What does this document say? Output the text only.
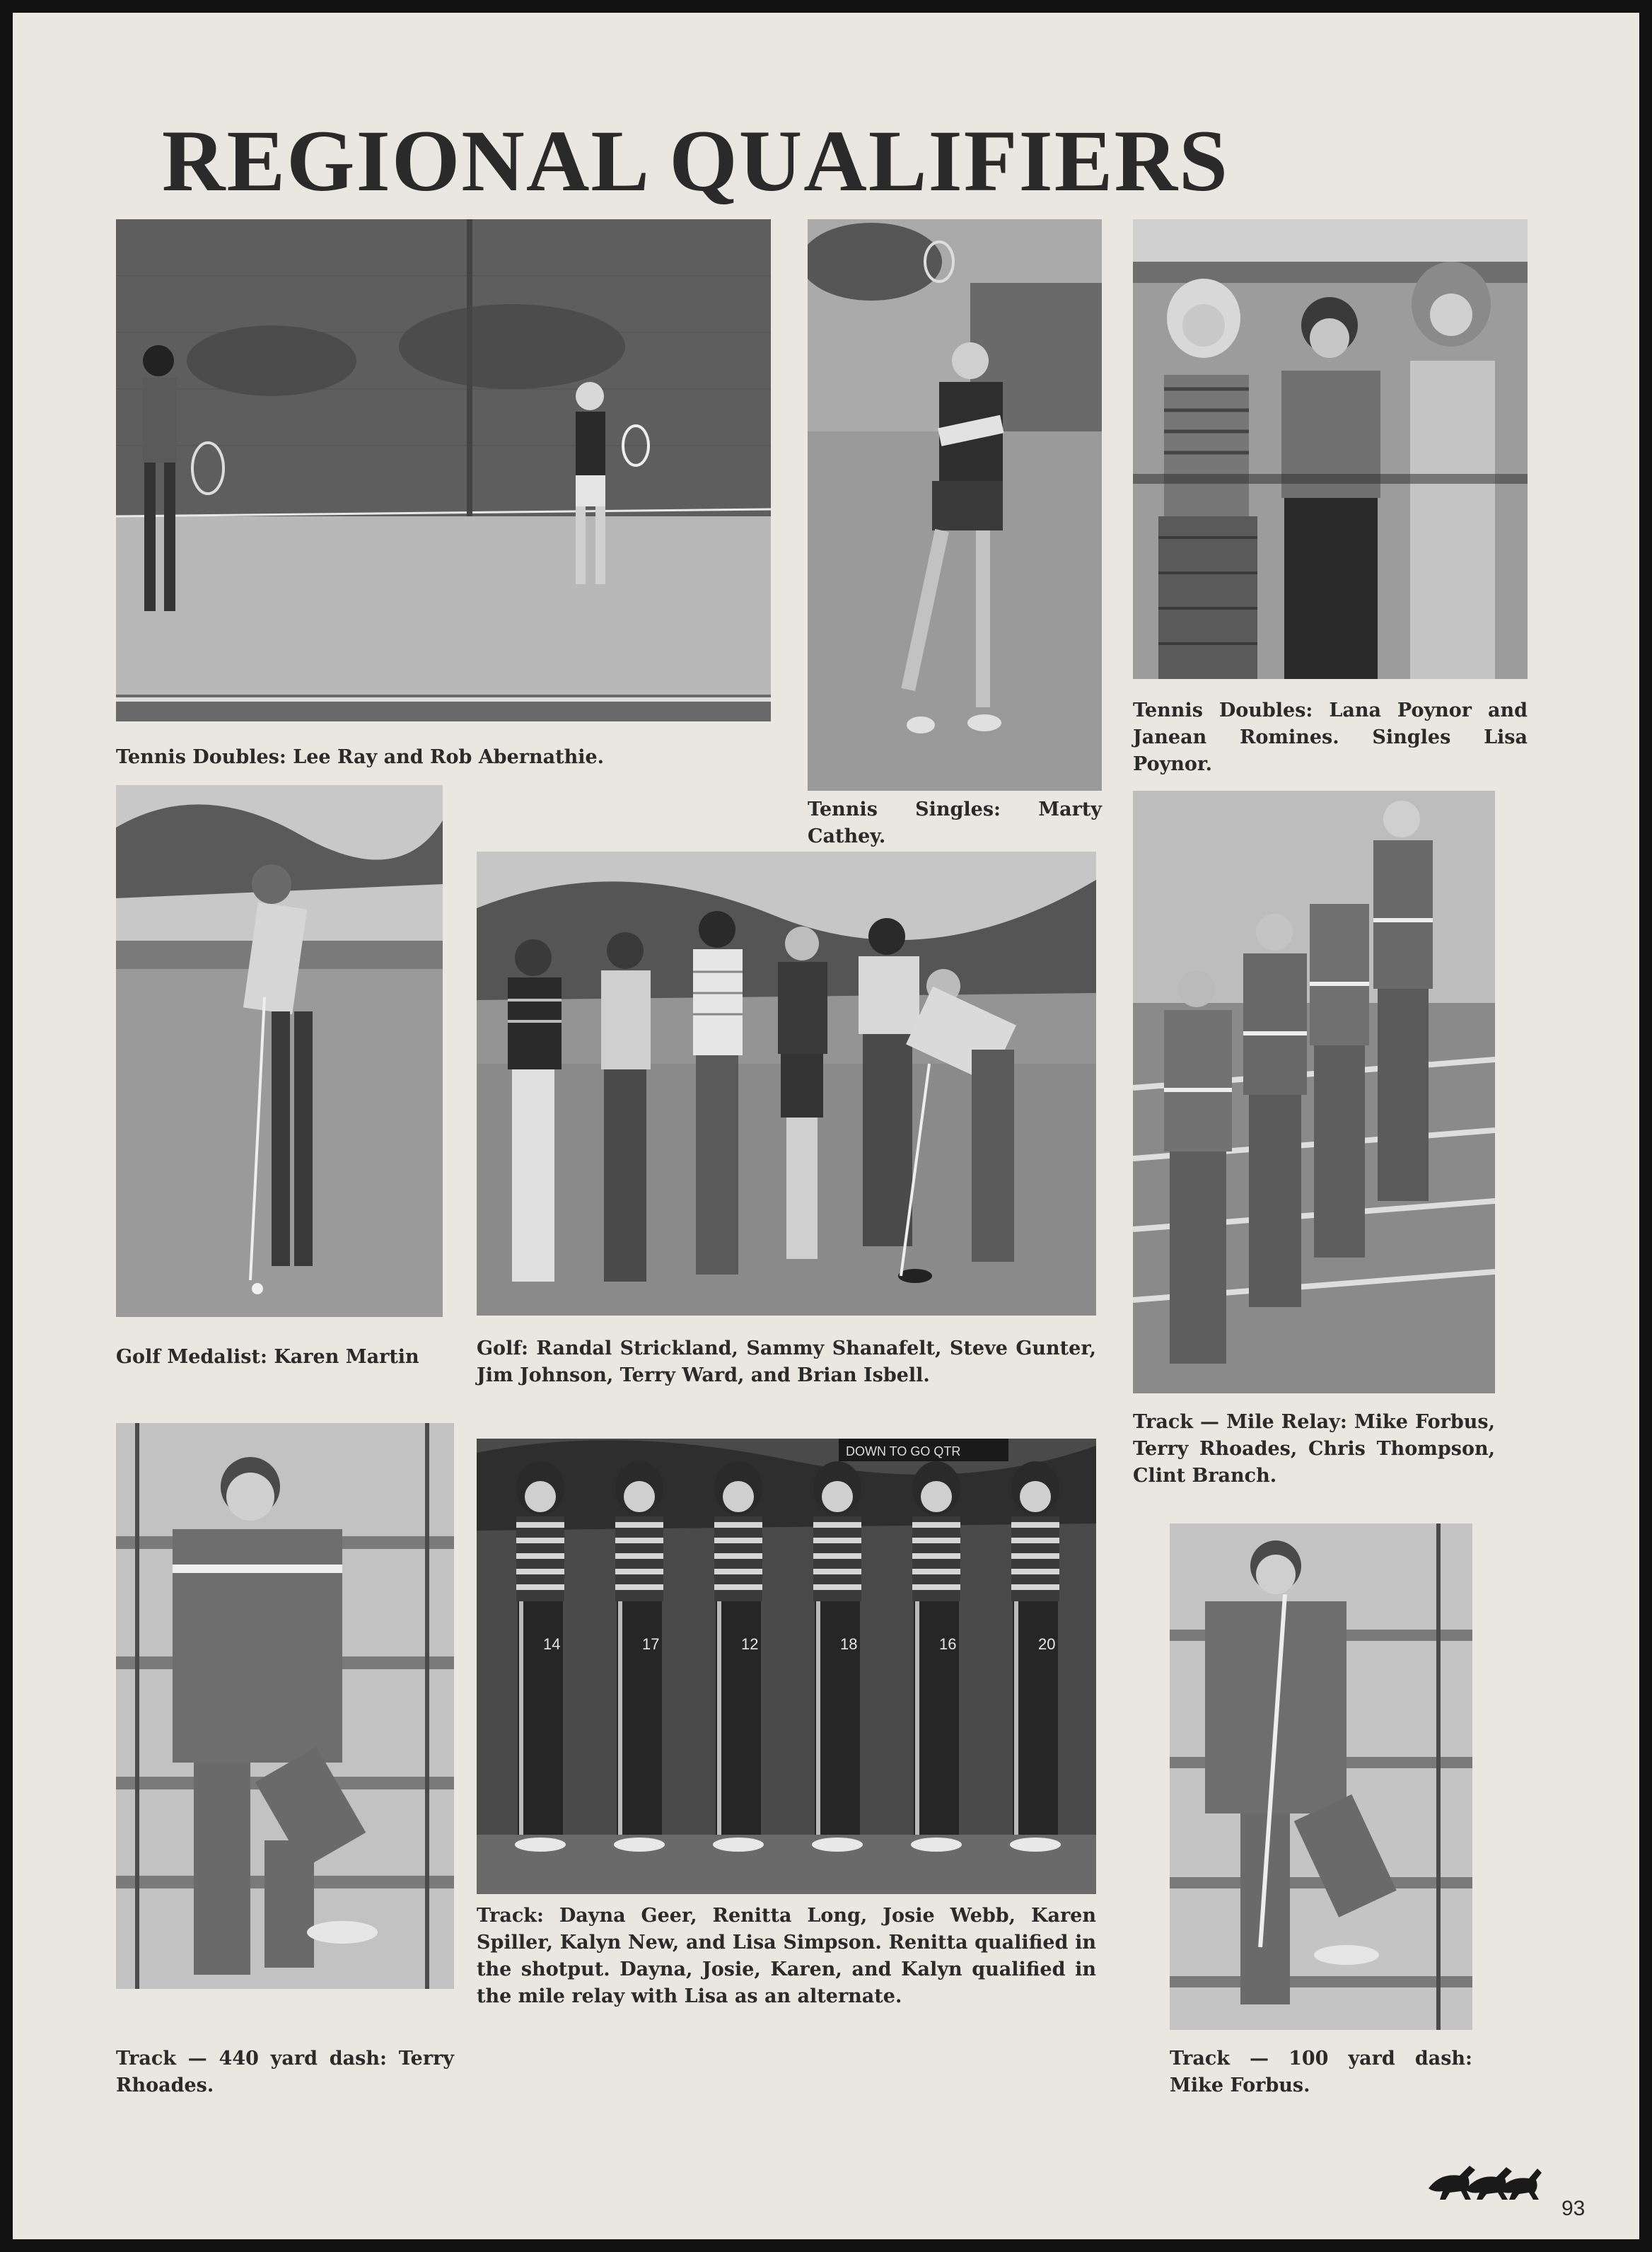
REGIONAL QUALIFIERS
Tennis Doubles: Lee Ray and Rob Abernathie.
Tennis Singles: Marty Cathey.
Tennis Doubles: Lana Poynor and Janean Romines. Singles Lisa Poynor.
Golf Medalist: Karen Martin	Golf: Randal Strickland, Sammy Shanafelt, Steve Gunter, Jim Johnson, Terry Ward, and Brian Isbell.
Track — Mile Relay: Mike Forbus, Terry Rhoades, Chris Thompson, Clint Branch.
Track — 440 yard dash: Terry Rhoades.
DOWN TO GO QTR
14	17	12	18	16	20
Track: Dayna Geer, Renitta Long, Josie Webb, Karen Spiller, Kalyn New, and Lisa Simpson. Renitta qualified in the shotput. Dayna, Josie, Karen, and Kalyn qualified in the mile relay with Lisa as an alternate.
Track — 100 yard dash: Mike Forbus.
93
